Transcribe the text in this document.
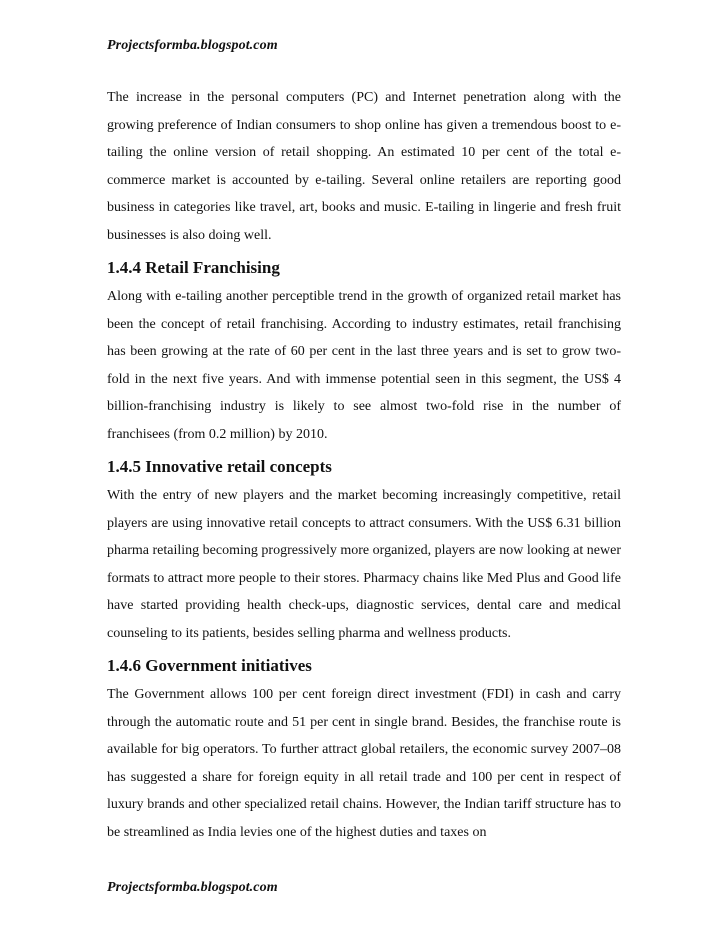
Projectsformba.blogspot.com

The increase in the personal computers (PC) and Internet penetration along with the growing preference of Indian consumers to shop online has given a tremendous boost to e-tailing the online version of retail shopping. An estimated 10 per cent of the total e-commerce market is accounted by e-tailing. Several online retailers are reporting good business in categories like travel, art, books and music. E-tailing in lingerie and fresh fruit businesses is also doing well.

1.4.4 Retail Franchising

Along with e-tailing another perceptible trend in the growth of organized retail market has been the concept of retail franchising. According to industry estimates, retail franchising has been growing at the rate of 60 per cent in the last three years and is set to grow two-fold in the next five years. And with immense potential seen in this segment, the US$ 4 billion-franchising industry is likely to see almost two-fold rise in the number of franchisees (from 0.2 million) by 2010.

1.4.5 Innovative retail concepts

With the entry of new players and the market becoming increasingly competitive, retail players are using innovative retail concepts to attract consumers. With the US$ 6.31 billion pharma retailing becoming progressively more organized, players are now looking at newer formats to attract more people to their stores. Pharmacy chains like Med Plus and Good life have started providing health check-ups, diagnostic services, dental care and medical counseling to its patients, besides selling pharma and wellness products.

1.4.6 Government initiatives

The Government allows 100 per cent foreign direct investment (FDI) in cash and carry through the automatic route and 51 per cent in single brand. Besides, the franchise route is available for big operators. To further attract global retailers, the economic survey 2007–08 has suggested a share for foreign equity in all retail trade and 100 per cent in respect of luxury brands and other specialized retail chains. However, the Indian tariff structure has to be streamlined as India levies one of the highest duties and taxes on

Projectsformba.blogspot.com
